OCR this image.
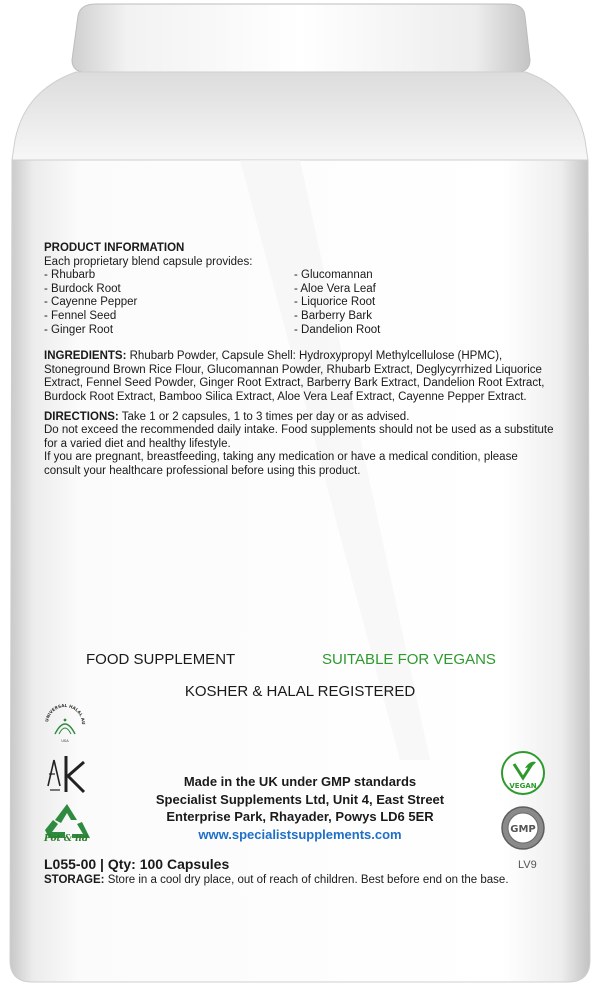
PRODUCT INFORMATION
Each proprietary blend capsule provides:
- Rhubarb
- Burdock Root
- Cayenne Pepper
- Fennel Seed
- Ginger Root
- Glucomannan
- Aloe Vera Leaf
- Liquorice Root
- Barberry Bark
- Dandelion Root

INGREDIENTS: Rhubarb Powder, Capsule Shell: Hydroxypropyl Methylcellulose (HPMC), Stoneground Brown Rice Flour, Glucomannan Powder, Rhubarb Extract, Deglycyrrhized Liquorice Extract, Fennel Seed Powder, Ginger Root Extract, Barberry Bark Extract, Dandelion Root Extract, Burdock Root Extract, Bamboo Silica Extract, Aloe Vera Leaf Extract, Cayenne Pepper Extract.

DIRECTIONS: Take 1 or 2 capsules, 1 to 3 times per day or as advised.

Do not exceed the recommended daily intake. Food supplements should not be used as a substitute for a varied diet and healthy lifestyle.

If you are pregnant, breastfeeding, taking any medication or have a medical condition, please consult your healthcare professional before using this product.

FOOD SUPPLEMENT	SUITABLE FOR VEGANS
KOSHER & HALAL REGISTERED
UNIVERSAL HALAL AU
USA
Pot & lid
Made in the UK under GMP standards
Specialist Supplements Ltd, Unit 4, East Street
Enterprise Park, Rhayader, Powys LD6 5ER
www.specialistsupplements.com
VEGAN
GMP
L055-00 | Qty: 100 Capsules	LV9
STORAGE: Store in a cool dry place, out of reach of children. Best before end on the base.
